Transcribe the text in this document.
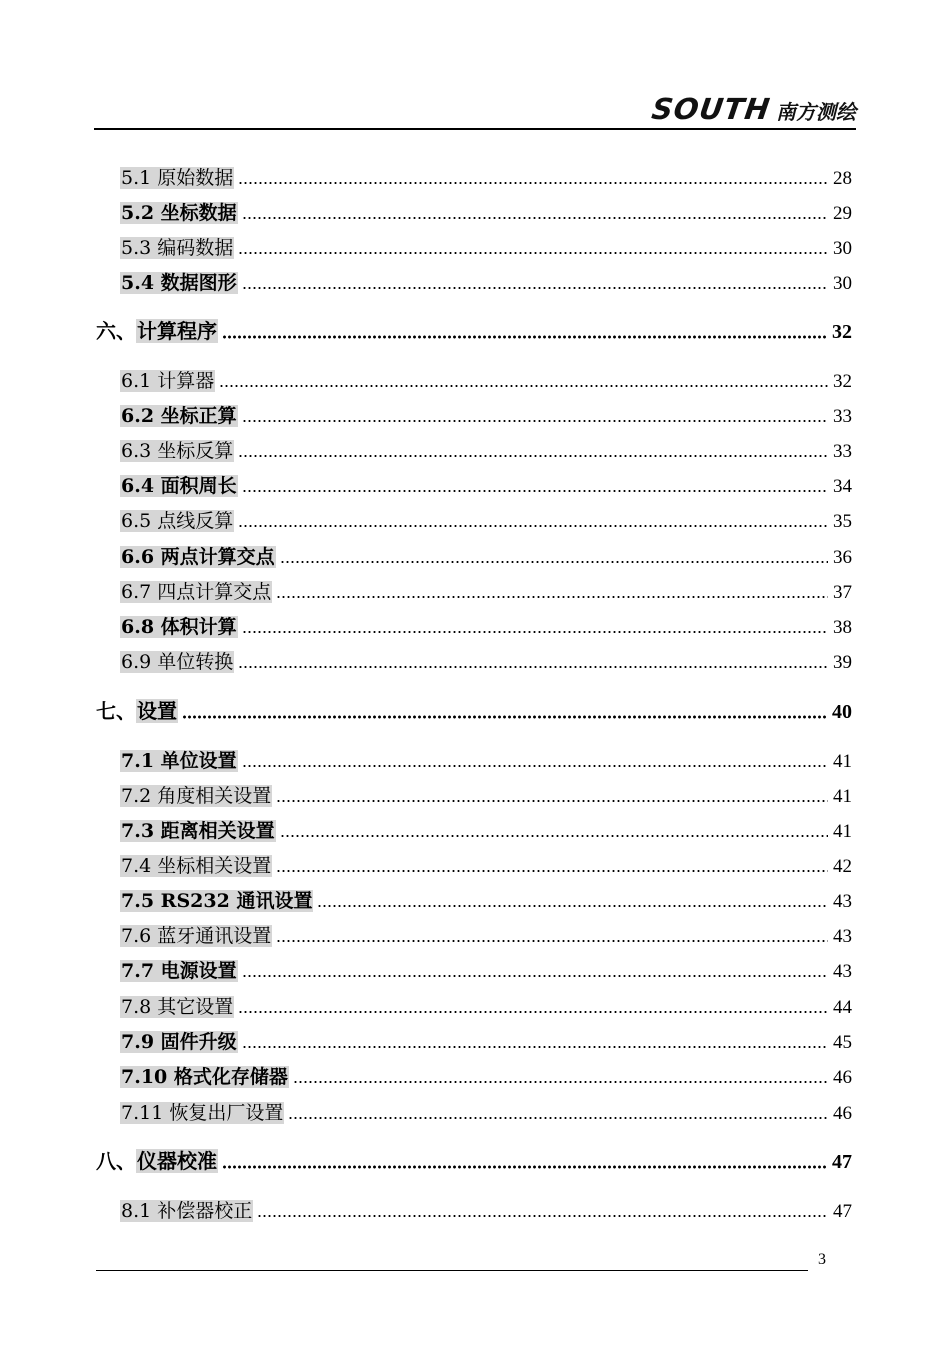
SOUTH 南方测绘
5.1 原始数据	28
5.2 坐标数据	29
5.3 编码数据	30
5.4 数据图形	30
六、计算程序	32
6.1 计算器	32
6.2 坐标正算	33
6.3 坐标反算	33
6.4 面积周长	34
6.5 点线反算	35
6.6 两点计算交点	36
6.7 四点计算交点	37
6.8 体积计算	38
6.9 单位转换	39
七、设置	40
7.1 单位设置	41
7.2 角度相关设置	41
7.3 距离相关设置	41
7.4 坐标相关设置	42
7.5 RS232 通讯设置	43
7.6 蓝牙通讯设置	43
7.7 电源设置	43
7.8 其它设置	44
7.9 固件升级	45
7.10 格式化存储器	46
7.11 恢复出厂设置	46
八、仪器校准	47
8.1 补偿器校正	47
3
